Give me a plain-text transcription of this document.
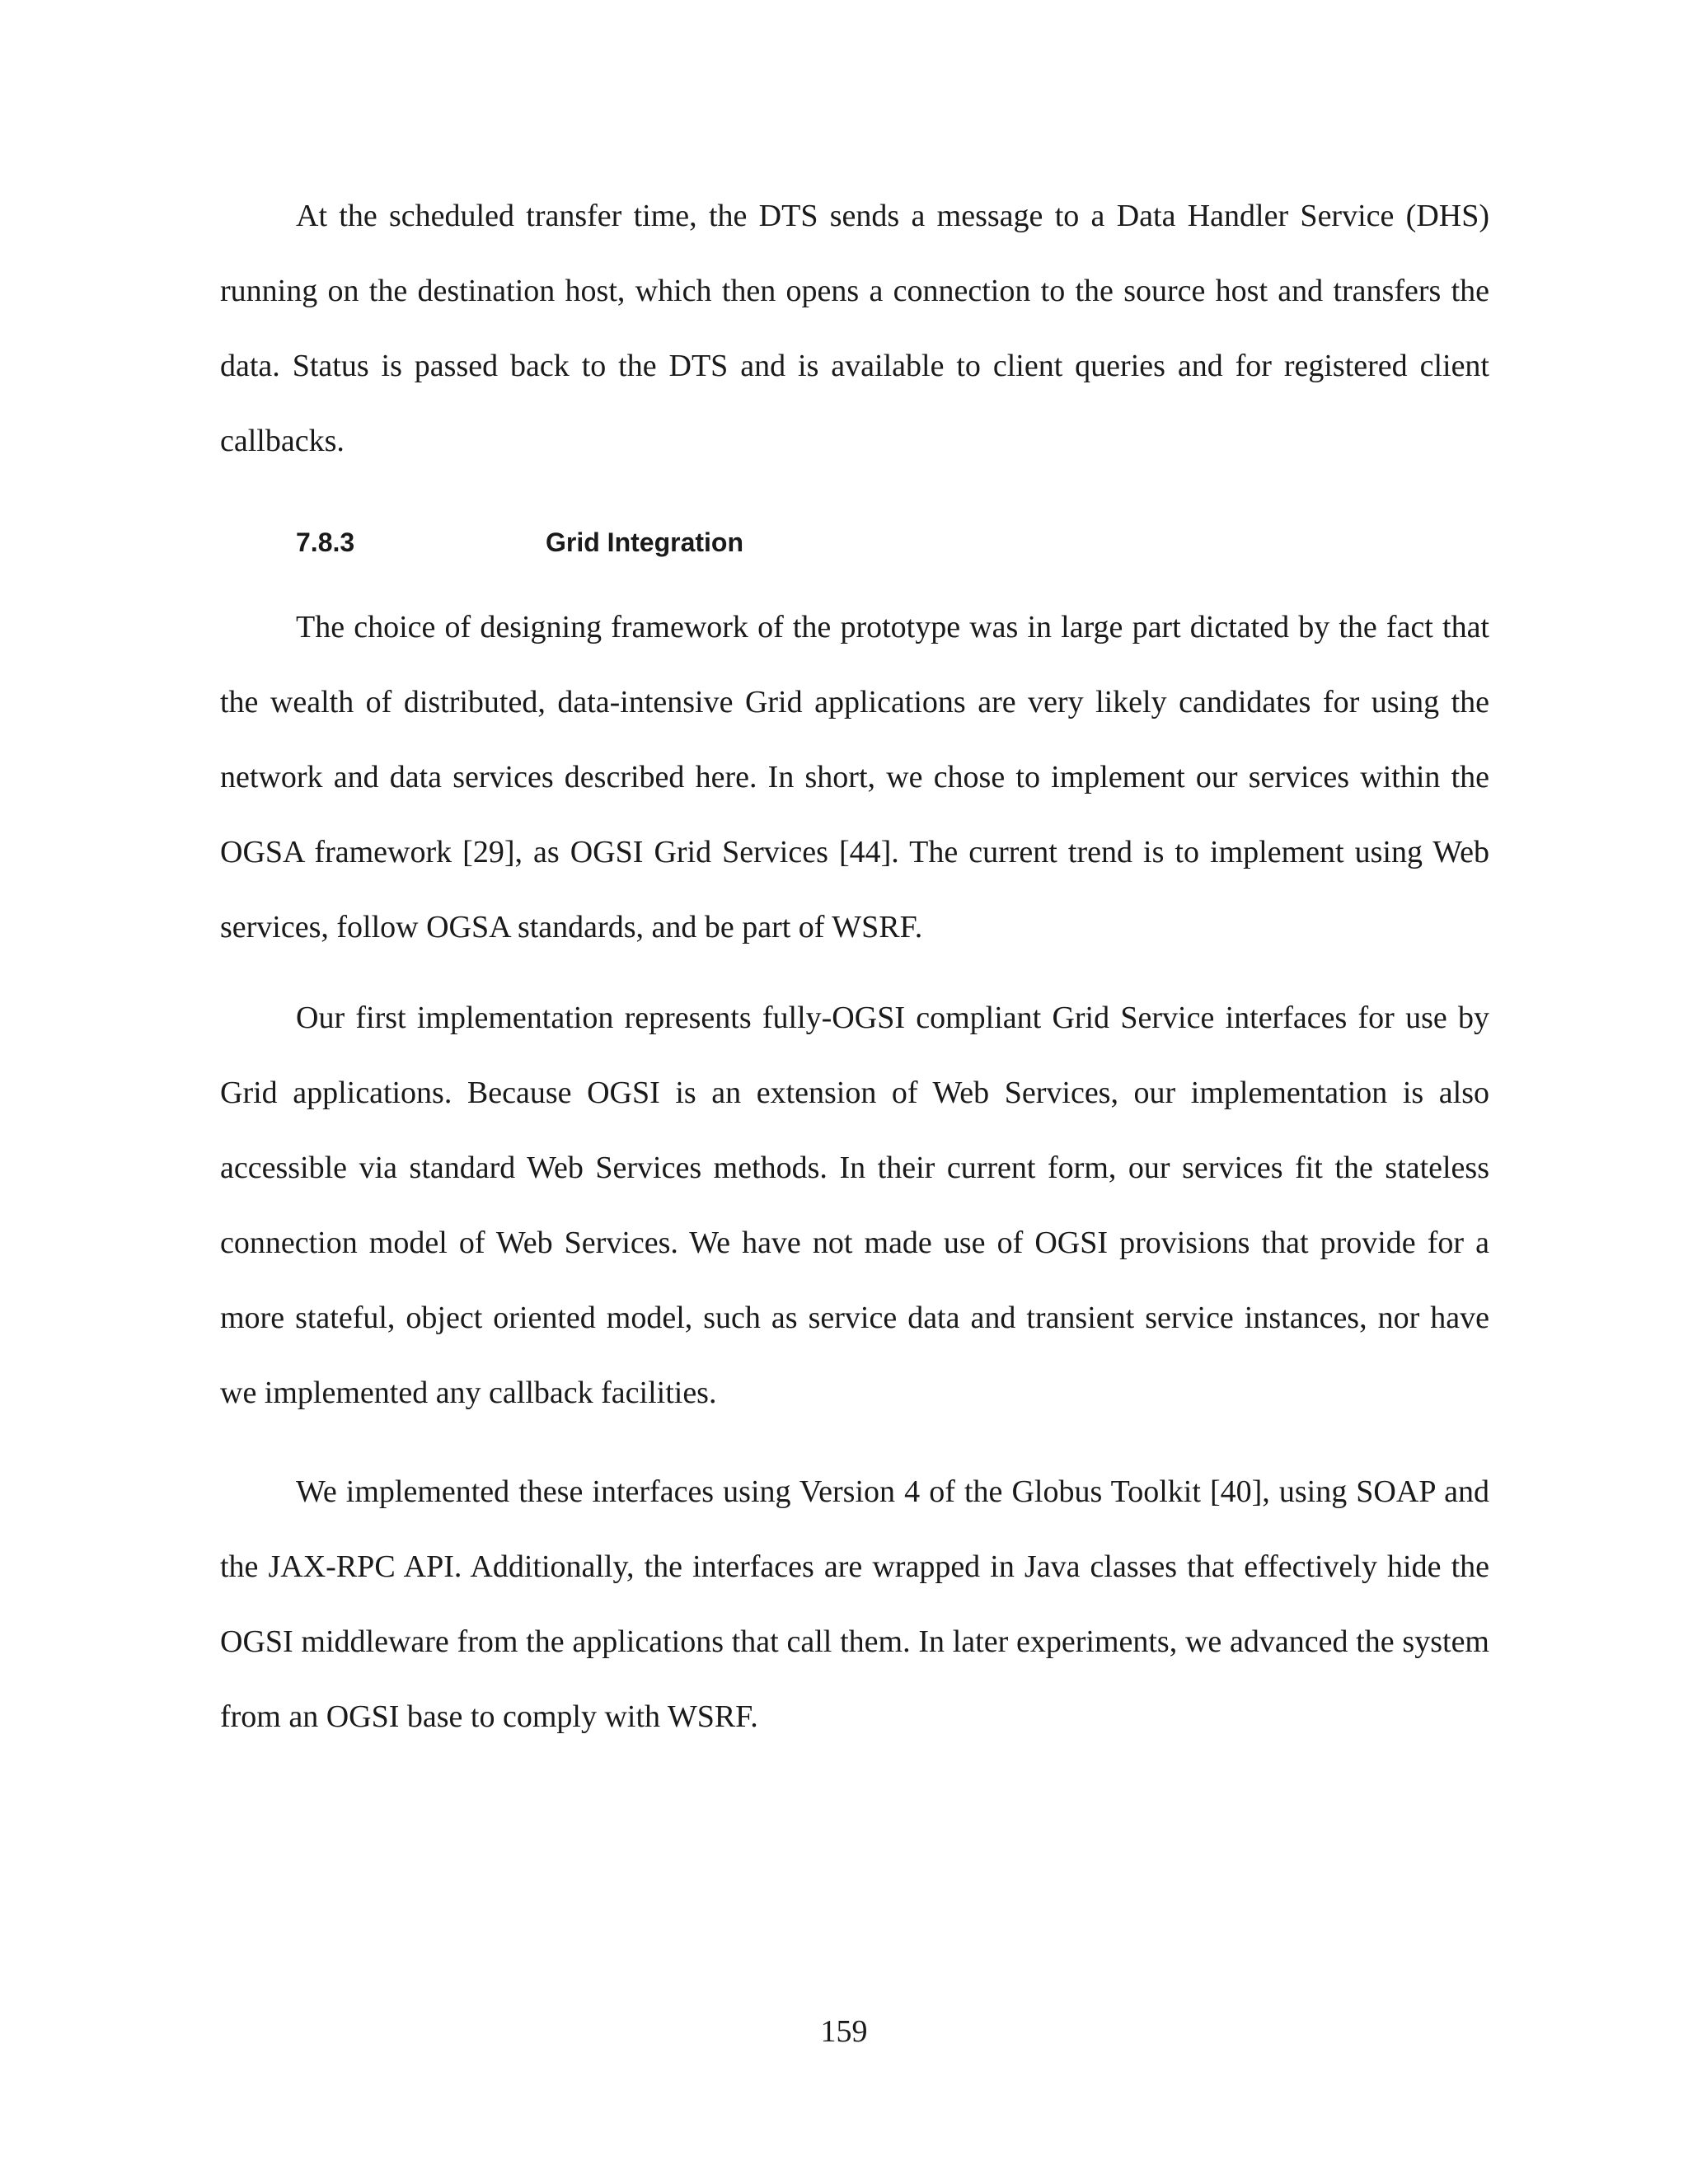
At the scheduled transfer time, the DTS sends a message to a Data Handler Service (DHS) running on the destination host, which then opens a connection to the source host and transfers the data. Status is passed back to the DTS and is available to client queries and for registered client callbacks.

7.8.3	Grid Integration

The choice of designing framework of the prototype was in large part dictated by the fact that the wealth of distributed, data-intensive Grid applications are very likely candidates for using the network and data services described here. In short, we chose to implement our services within the OGSA framework [29], as OGSI Grid Services [44]. The current trend is to implement using Web services, follow OGSA standards, and be part of WSRF.

Our first implementation represents fully-OGSI compliant Grid Service interfaces for use by Grid applications. Because OGSI is an extension of Web Services, our implementation is also accessible via standard Web Services methods. In their current form, our services fit the stateless connection model of Web Services. We have not made use of OGSI provisions that provide for a more stateful, object oriented model, such as service data and transient service instances, nor have we implemented any callback facilities.

We implemented these interfaces using Version 4 of the Globus Toolkit [40], using SOAP and the JAX-RPC API. Additionally, the interfaces are wrapped in Java classes that effectively hide the OGSI middleware from the applications that call them. In later experiments, we advanced the system from an OGSI base to comply with WSRF.

159
